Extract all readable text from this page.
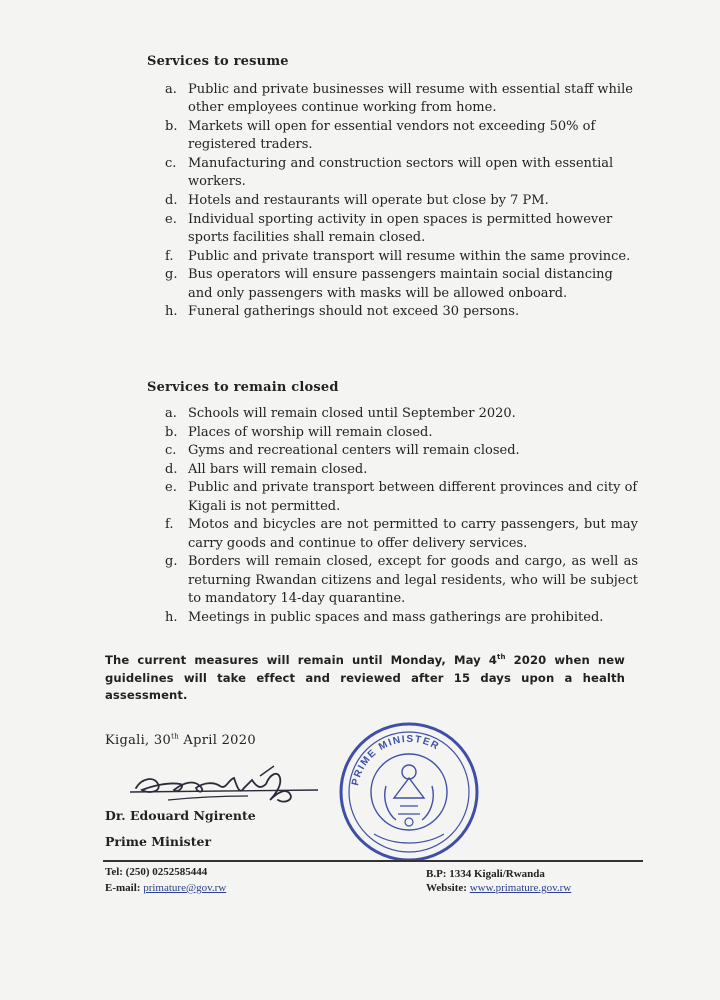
Services to resume
a. Public and private businesses will resume with essential staff while other employees continue working from home.
b. Markets will open for essential vendors not exceeding 50% of registered traders.
c. Manufacturing and construction sectors will open with essential workers.
d. Hotels and restaurants will operate but close by 7 PM.
e. Individual sporting activity in open spaces is permitted however sports facilities shall remain closed.
f. Public and private transport will resume within the same province.
g. Bus operators will ensure passengers maintain social distancing and only passengers with masks will be allowed onboard.
h. Funeral gatherings should not exceed 30 persons.
Services to remain closed
a. Schools will remain closed until September 2020.
b. Places of worship will remain closed.
c. Gyms and recreational centers will remain closed.
d. All bars will remain closed.
e. Public and private transport between different provinces and city of Kigali is not permitted.
f. Motos and bicycles are not permitted to carry passengers, but may carry goods and continue to offer delivery services.
g. Borders will remain closed, except for goods and cargo, as well as returning Rwandan citizens and legal residents, who will be subject to mandatory 14-day quarantine.
h. Meetings in public spaces and mass gatherings are prohibited.
The current measures will remain until Monday, May 4th 2020 when new guidelines will take effect and reviewed after 15 days upon a health assessment.
Kigali, 30th April 2020
Dr. Edouard Ngirente
Prime Minister
PRIME MINISTER
Tel: (250) 0252585444
E-mail: primature@gov.rw
B.P: 1334 Kigali/Rwanda
Website: www.primature.gov.rw
